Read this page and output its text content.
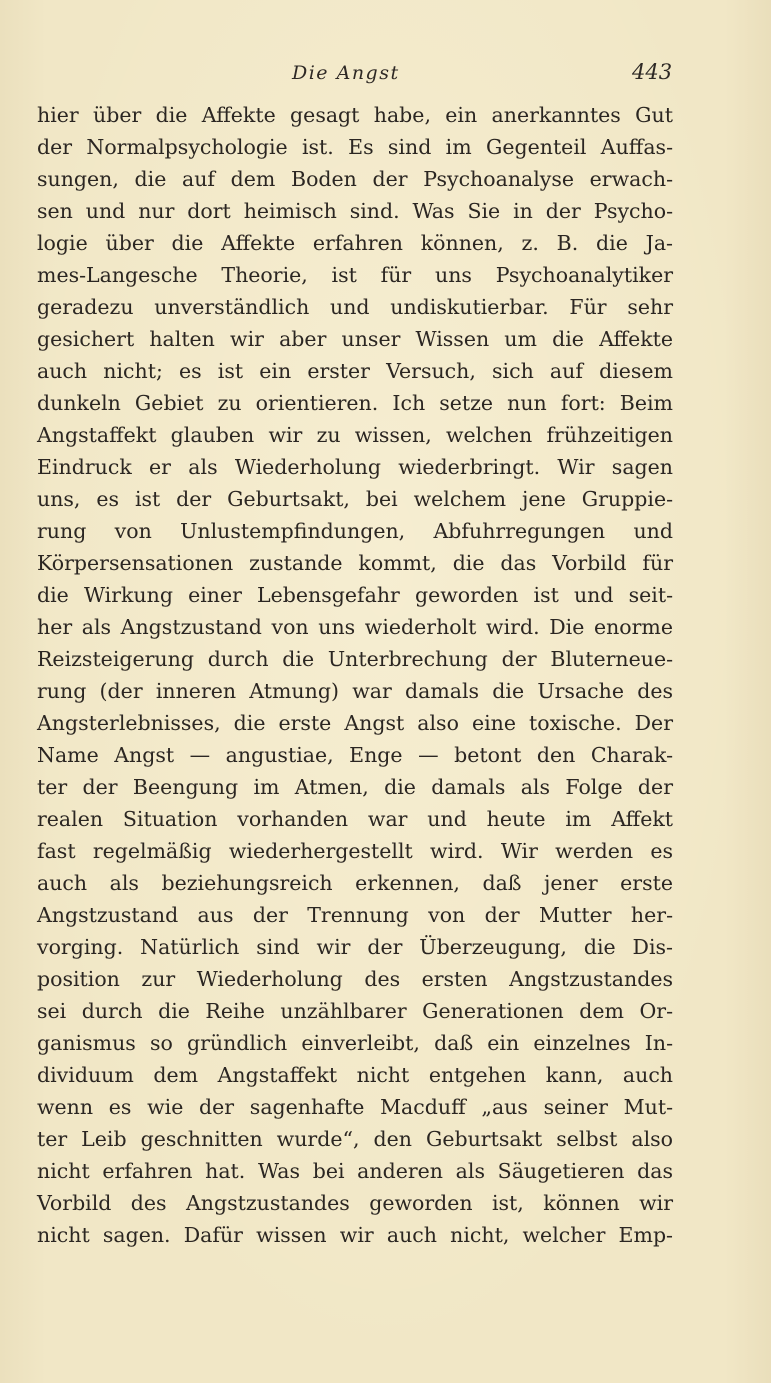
Die Angst	443
hier über die Affekte gesagt habe, ein anerkanntes Gut
der Normalpsychologie ist. Es sind im Gegenteil Auffas-
sungen, die auf dem Boden der Psychoanalyse erwach-
sen und nur dort heimisch sind. Was Sie in der Psycho-
logie über die Affekte erfahren können, z. B. die Ja-
mes-Langesche Theorie, ist für uns Psychoanalytiker
geradezu unverständlich und undiskutierbar. Für sehr
gesichert halten wir aber unser Wissen um die Affekte
auch nicht; es ist ein erster Versuch, sich auf diesem
dunkeln Gebiet zu orientieren. Ich setze nun fort: Beim
Angstaffekt glauben wir zu wissen, welchen frühzeitigen
Eindruck er als Wiederholung wiederbringt. Wir sagen
uns, es ist der Geburtsakt, bei welchem jene Gruppie-
rung von Unlustempfindungen, Abfuhrregungen und
Körpersensationen zustande kommt, die das Vorbild für
die Wirkung einer Lebensgefahr geworden ist und seit-
her als Angstzustand von uns wiederholt wird. Die enorme
Reizsteigerung durch die Unterbrechung der Bluterneue-
rung (der inneren Atmung) war damals die Ursache des
Angsterlebnisses, die erste Angst also eine toxische. Der
Name Angst — angustiae, Enge — betont den Charak-
ter der Beengung im Atmen, die damals als Folge der
realen Situation vorhanden war und heute im Affekt
fast regelmäßig wiederhergestellt wird. Wir werden es
auch als beziehungsreich erkennen, daß jener erste
Angstzustand aus der Trennung von der Mutter her-
vorging. Natürlich sind wir der Überzeugung, die Dis-
position zur Wiederholung des ersten Angstzustandes
sei durch die Reihe unzählbarer Generationen dem Or-
ganismus so gründlich einverleibt, daß ein einzelnes In-
dividuum dem Angstaffekt nicht entgehen kann, auch
wenn es wie der sagenhafte Macduff „aus seiner Mut-
ter Leib geschnitten wurde“, den Geburtsakt selbst also
nicht erfahren hat. Was bei anderen als Säugetieren das
Vorbild des Angstzustandes geworden ist, können wir
nicht sagen. Dafür wissen wir auch nicht, welcher Emp-
